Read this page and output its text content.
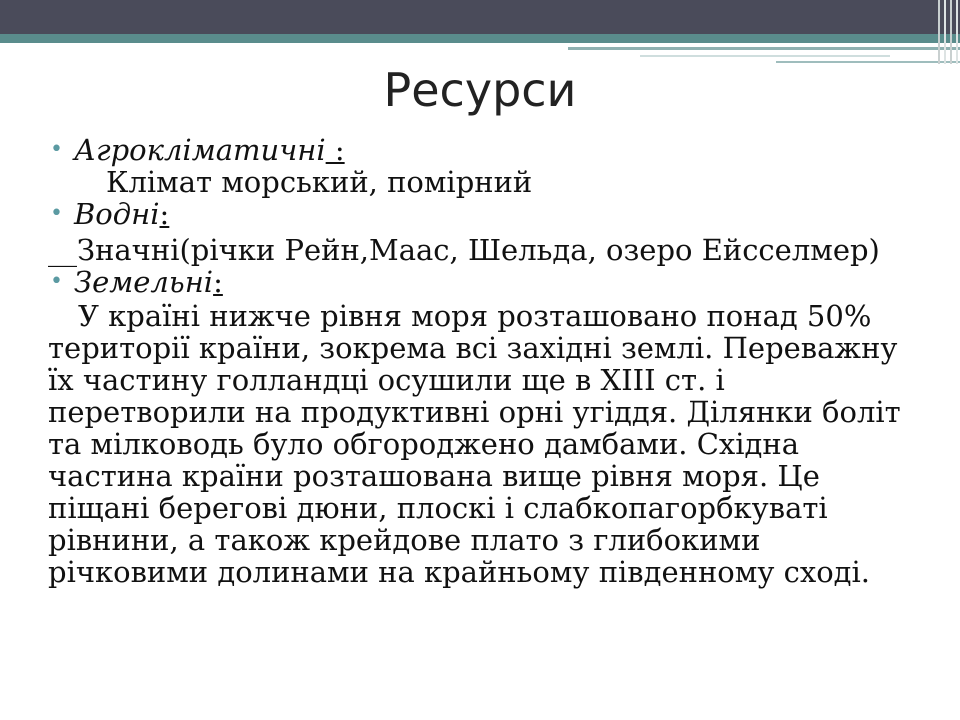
Ресурси
• Агрокліматичні :
Клімат морський, помірний
• Водні:
__Значні(річки Рейн,Маас, Шельда, озеро Ейсселмер)
• Земельні:
У країні нижче рівня моря розташовано понад 50% території країни, зокрема всі західні землі. Переважну їх частину голландці осушили ще в XIII ст. і перетворили на продуктивні орні угіддя. Ділянки боліт та мілководь було обгороджено дамбами. Східна частина країни розташована вище рівня моря. Це піщані берегові дюни, плоскі і слабкопагорбкуваті рівнини, а також крейдове плато з глибокими річковими долинами на крайньому південному сході.
